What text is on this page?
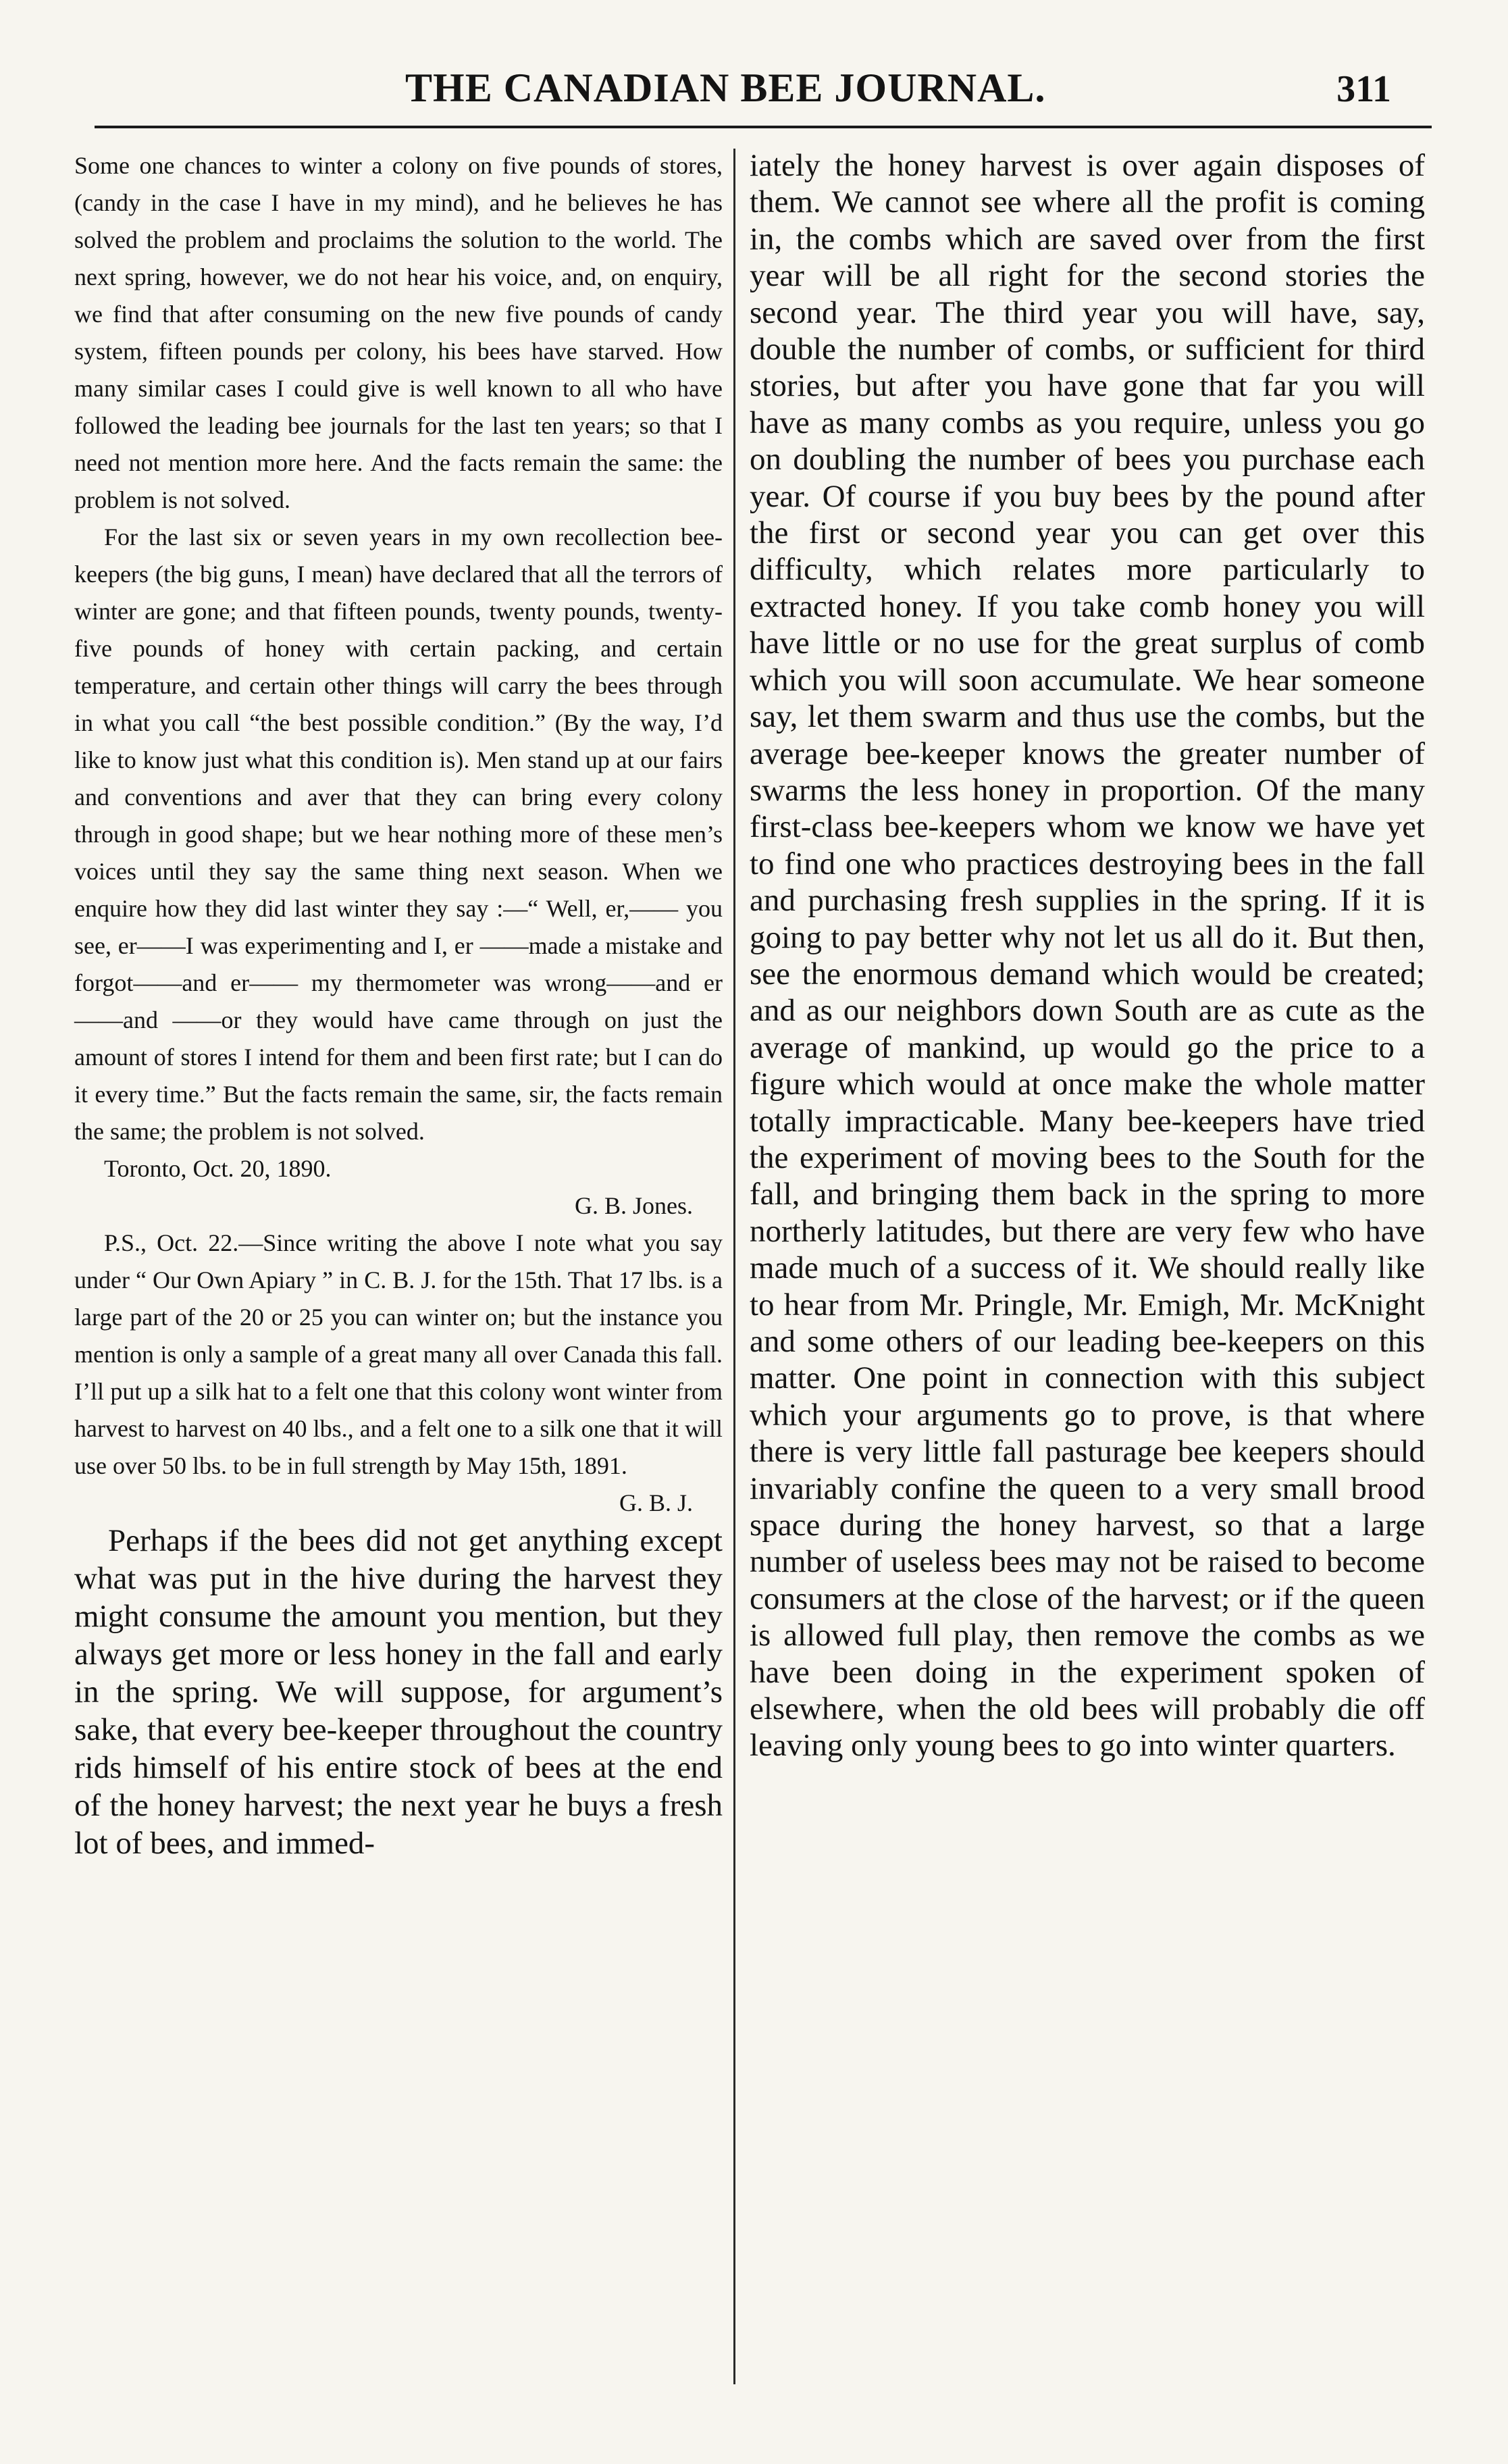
THE CANADIAN BEE JOURNAL.	311

Some one chances to winter a colony on five pounds of stores, (candy in the case I have in my mind), and he believes he has solved the problem and proclaims the solution to the world. The next spring, however, we do not hear his voice, and, on enquiry, we find that after consuming on the new five pounds of candy system, fifteen pounds per colony, his bees have starved. How many similar cases I could give is well known to all who have followed the leading bee journals for the last ten years; so that I need not mention more here. And the facts remain the same: the problem is not solved.

For the last six or seven years in my own recollection bee-keepers (the big guns, I mean) have declared that all the terrors of winter are gone; and that fifteen pounds, twenty pounds, twenty-five pounds of honey with certain packing, and certain temperature, and certain other things will carry the bees through in what you call “the best possible condition.” (By the way, I’d like to know just what this condition is). Men stand up at our fairs and conventions and aver that they can bring every colony through in good shape; but we hear nothing more of these men’s voices until they say the same thing next season. When we enquire how they did last winter they say :—“ Well, er,—— you see, er——I was experimenting and I, er ——made a mistake and forgot——and er—— my thermometer was wrong——and er——and ——or they would have came through on just the amount of stores I intend for them and been first rate; but I can do it every time.” But the facts remain the same, sir, the facts remain the same; the problem is not solved.

Toronto, Oct. 20, 1890.

G. B. Jones.

P.S., Oct. 22.—Since writing the above I note what you say under “ Our Own Apiary ” in C. B. J. for the 15th. That 17 lbs. is a large part of the 20 or 25 you can winter on; but the instance you mention is only a sample of a great many all over Canada this fall. I’ll put up a silk hat to a felt one that this colony wont winter from harvest to harvest on 40 lbs., and a felt one to a silk one that it will use over 50 lbs. to be in full strength by May 15th, 1891.

G. B. J.

Perhaps if the bees did not get anything except what was put in the hive during the harvest they might consume the amount you mention, but they always get more or less honey in the fall and early in the spring. We will suppose, for argument’s sake, that every bee-keeper throughout the country rids himself of his entire stock of bees at the end of the honey harvest; the next year he buys a fresh lot of bees, and immed-

iately the honey harvest is over again disposes of them. We cannot see where all the profit is coming in, the combs which are saved over from the first year will be all right for the second stories the second year. The third year you will have, say, double the number of combs, or sufficient for third stories, but after you have gone that far you will have as many combs as you require, unless you go on doubling the number of bees you purchase each year. Of course if you buy bees by the pound after the first or second year you can get over this difficulty, which relates more particularly to extracted honey. If you take comb honey you will have little or no use for the great surplus of comb which you will soon accumulate. We hear someone say, let them swarm and thus use the combs, but the average bee-keeper knows the greater number of swarms the less honey in proportion. Of the many first-class bee-keepers whom we know we have yet to find one who practices destroying bees in the fall and purchasing fresh supplies in the spring. If it is going to pay better why not let us all do it. But then, see the enormous demand which would be created; and as our neighbors down South are as cute as the average of mankind, up would go the price to a figure which would at once make the whole matter totally impracticable. Many bee-keepers have tried the experiment of moving bees to the South for the fall, and bringing them back in the spring to more northerly latitudes, but there are very few who have made much of a success of it. We should really like to hear from Mr. Pringle, Mr. Emigh, Mr. McKnight and some others of our leading bee-keepers on this matter. One point in connection with this subject which your arguments go to prove, is that where there is very little fall pasturage bee keepers should invariably confine the queen to a very small brood space during the honey harvest, so that a large number of useless bees may not be raised to become consumers at the close of the harvest; or if the queen is allowed full play, then remove the combs as we have been doing in the experiment spoken of elsewhere, when the old bees will probably die off leaving only young bees to go into winter quarters.
